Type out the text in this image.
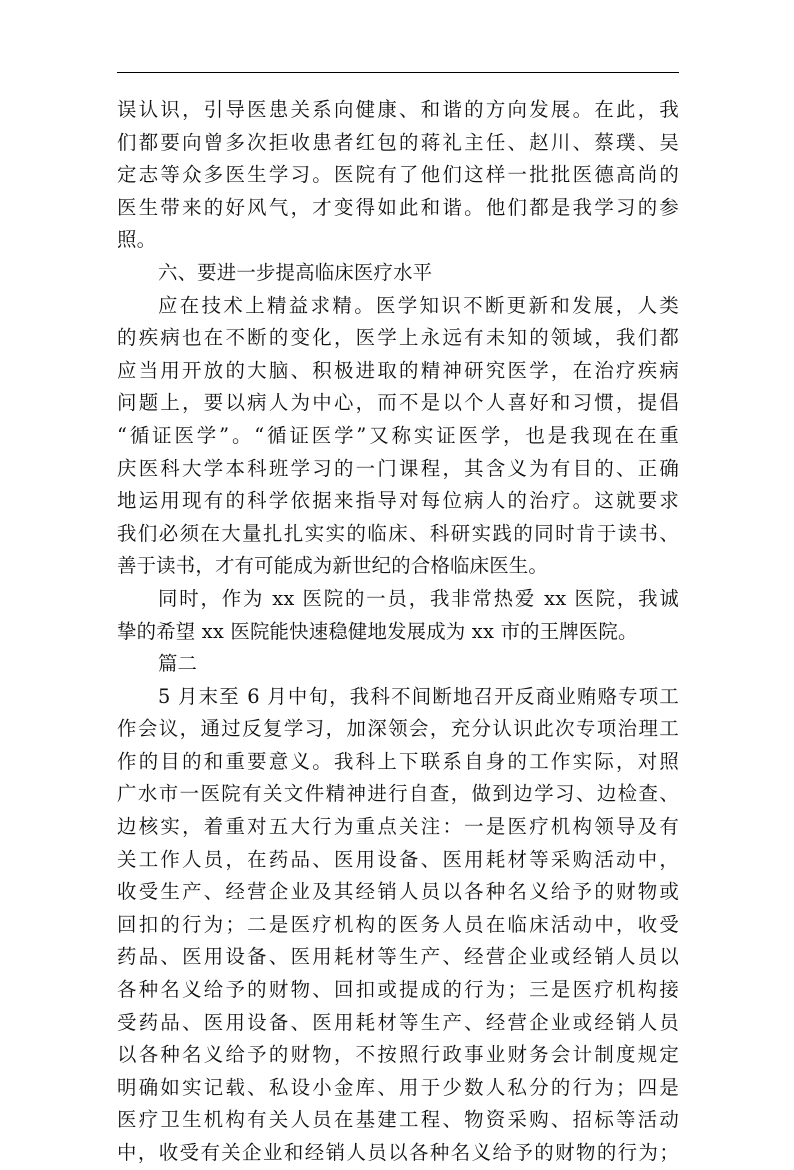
误认识，引导医患关系向健康、和谐的方向发展。在此，我
们都要向曾多次拒收患者红包的蒋礼主任、赵川、蔡璞、吴
定志等众多医生学习。医院有了他们这样一批批医德高尚的
医生带来的好风气，才变得如此和谐。他们都是我学习的参
照。
六、要进一步提高临床医疗水平
应在技术上精益求精。医学知识不断更新和发展，人类
的疾病也在不断的变化，医学上永远有未知的领域，我们都
应当用开放的大脑、积极进取的精神研究医学，在治疗疾病
问题上，要以病人为中心，而不是以个人喜好和习惯，提倡
“循证医学”。“循证医学”又称实证医学，也是我现在在重
庆医科大学本科班学习的一门课程，其含义为有目的、正确
地运用现有的科学依据来指导对每位病人的治疗。这就要求
我们必须在大量扎扎实实的临床、科研实践的同时肯于读书、
善于读书，才有可能成为新世纪的合格临床医生。
同时，作为 xx 医院的一员，我非常热爱 xx 医院，我诚
挚的希望 xx 医院能快速稳健地发展成为 xx 市的王牌医院。
篇二
5 月末至 6 月中旬，我科不间断地召开反商业贿赂专项工
作会议，通过反复学习，加深领会，充分认识此次专项治理工
作的目的和重要意义。我科上下联系自身的工作实际，对照
广水市一医院有关文件精神进行自查，做到边学习、边检查、
边核实，着重对五大行为重点关注：一是医疗机构领导及有
关工作人员，在药品、医用设备、医用耗材等采购活动中，
收受生产、经营企业及其经销人员以各种名义给予的财物或
回扣的行为；二是医疗机构的医务人员在临床活动中，收受
药品、医用设备、医用耗材等生产、经营企业或经销人员以
各种名义给予的财物、回扣或提成的行为；三是医疗机构接
受药品、医用设备、医用耗材等生产、经营企业或经销人员
以各种名义给予的财物，不按照行政事业财务会计制度规定
明确如实记载、私设小金库、用于少数人私分的行为；四是
医疗卫生机构有关人员在基建工程、物资采购、招标等活动
中，收受有关企业和经销人员以各种名义给予的财物的行为；
